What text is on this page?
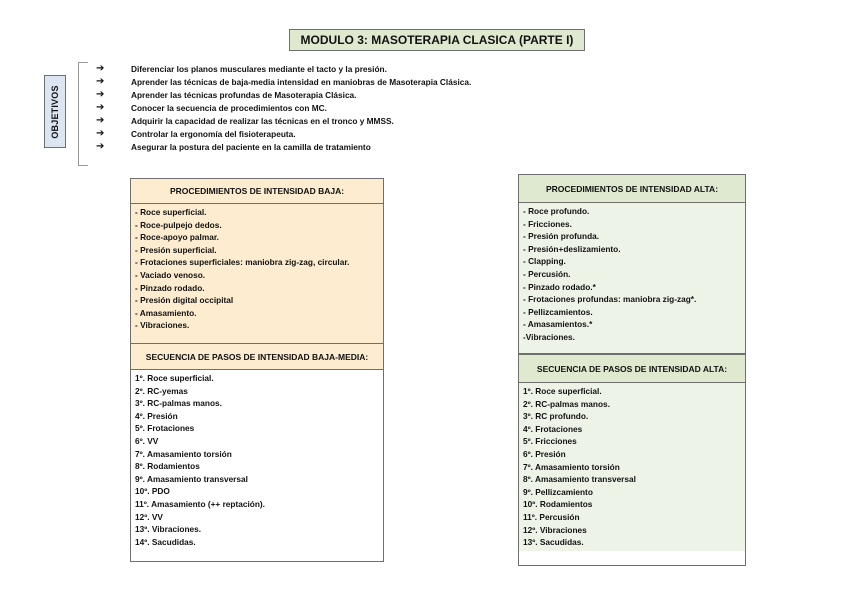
MODULO 3: MASOTERAPIA CLASICA (PARTE I)
OBJETIVOS
➔	Diferenciar los planos musculares mediante el tacto y la presión.
➔	Aprender las técnicas de baja-media intensidad en maniobras de Masoterapia Clásica.
➔	Aprender las técnicas profundas de Masoterapia Clásica.
➔	Conocer la secuencia de procedimientos con MC.
➔	Adquirir la capacidad de realizar las técnicas en el tronco y MMSS.
➔	Controlar la ergonomía del fisioterapeuta.
➔	Asegurar la postura del paciente en la camilla de tratamiento
PROCEDIMIENTOS DE INTENSIDAD BAJA:
- Roce superficial.
- Roce-pulpejo dedos.
- Roce-apoyo palmar.
- Presión superficial.
- Frotaciones superficiales: maniobra zig-zag, circular.
- Vaciado venoso.
- Pinzado rodado.
- Presión digital occipital
- Amasamiento.
- Vibraciones.
SECUENCIA DE PASOS DE INTENSIDAD BAJA-MEDIA:
1º. Roce superficial.
2º. RC-yemas
3º. RC-palmas manos.
4º. Presión
5º. Frotaciones
6º. VV
7º. Amasamiento torsión
8º. Rodamientos
9º. Amasamiento transversal
10º. PDO
11º. Amasamiento (++ reptación).
12º. VV
13º. Vibraciones.
14º. Sacudidas.
PROCEDIMIENTOS DE INTENSIDAD ALTA:
- Roce profundo.
- Fricciones.
- Presión profunda.
- Presión+deslizamiento.
- Clapping.
- Percusión.
- Pinzado rodado.*
- Frotaciones profundas: maniobra zig-zag*.
- Pellizcamientos.
- Amasamientos.*
-Vibraciones.
SECUENCIA DE PASOS DE INTENSIDAD ALTA:
1º. Roce superficial.
2º. RC-palmas manos.
3º. RC profundo.
4º. Frotaciones
5º. Fricciones
6º. Presión
7º. Amasamiento torsión
8º. Amasamiento transversal
9º. Pellizcamiento
10º. Rodamientos
11º. Percusión
12º. Vibraciones
13º. Sacudidas.
